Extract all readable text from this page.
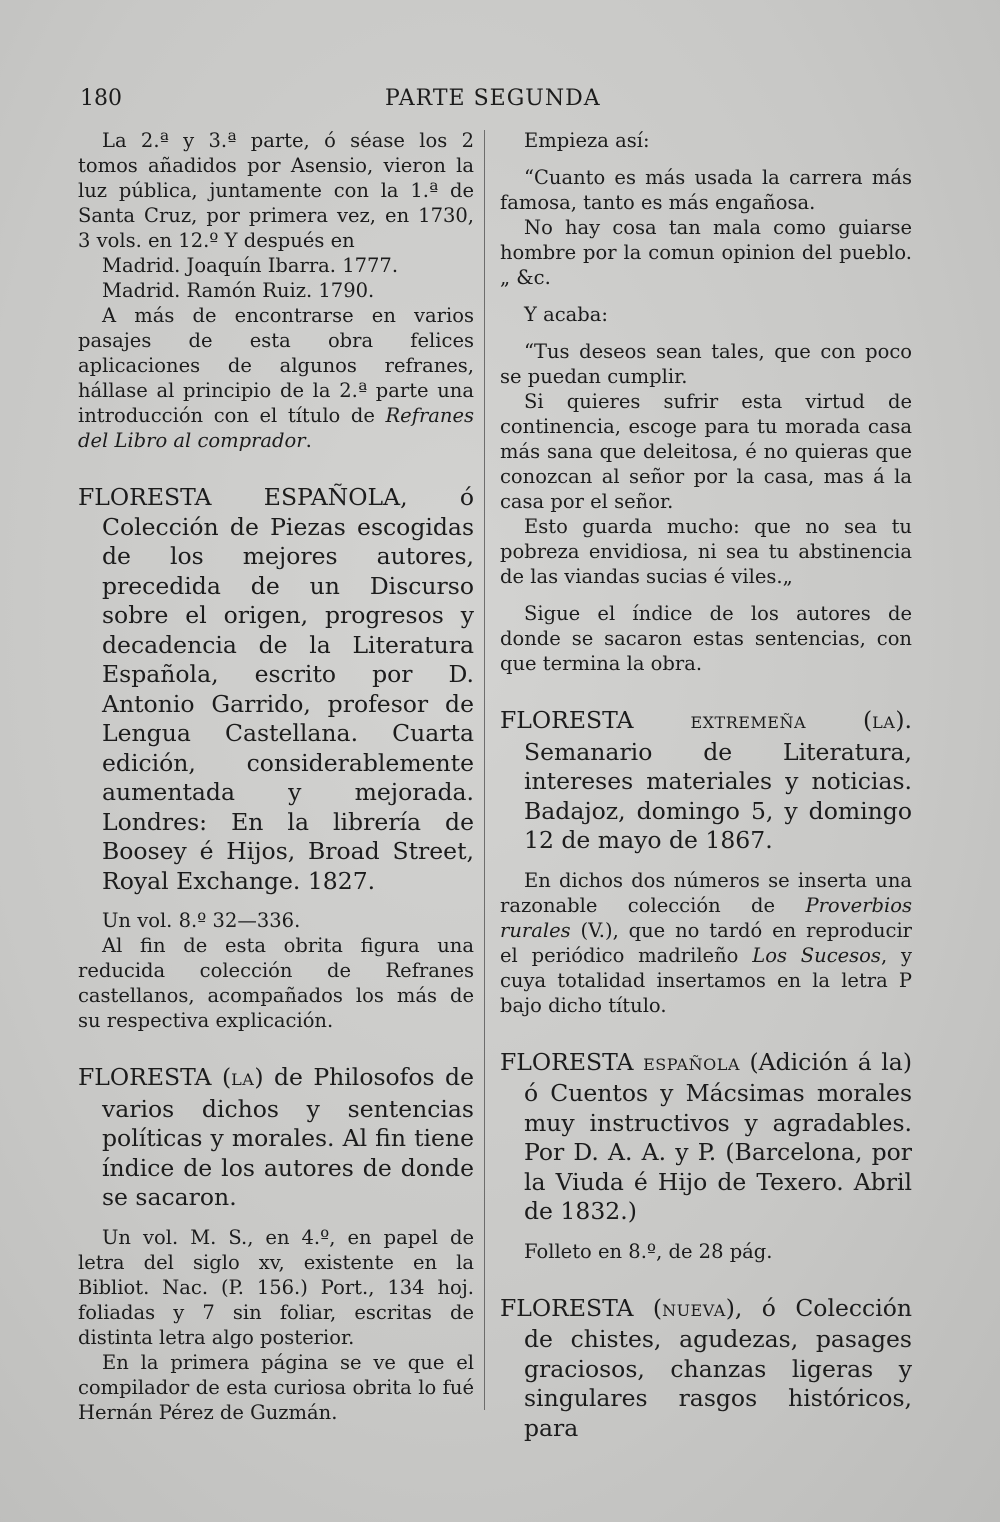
180	PARTE SEGUNDA

La 2.ª y 3.ª parte, ó séase los 2 tomos añadidos por Asensio, vieron la luz pública, juntamente con la 1.ª de Santa Cruz, por primera vez, en 1730, 3 vols. en 12.º Y después en

Madrid. Joaquín Ibarra. 1777.

Madrid. Ramón Ruiz. 1790.

A más de encontrarse en varios pasajes de esta obra felices aplicaciones de algunos refranes, hállase al principio de la 2.ª parte una introducción con el título de Refranes del Libro al comprador.

FLORESTA ESPAÑOLA, ó Colección de Piezas escogidas de los mejores autores, precedida de un Discurso sobre el origen, progresos y decadencia de la Literatura Española, escrito por D. Antonio Garrido, profesor de Lengua Castellana. Cuarta edición, considerablemente aumentada y mejorada. Londres: En la librería de Boosey é Hijos, Broad Street, Royal Exchange. 1827.

Un vol. 8.º 32—336.

Al fin de esta obrita figura una reducida colección de Refranes castellanos, acompañados los más de su respectiva explicación.

FLORESTA (LA) de Philosofos de varios dichos y sentencias políticas y morales. Al fin tiene índice de los autores de donde se sacaron.

Un vol. M. S., en 4.º, en papel de letra del siglo xv, existente en la Bibliot. Nac. (P. 156.) Port., 134 hoj. foliadas y 7 sin foliar, escritas de distinta letra algo posterior.

En la primera página se ve que el compilador de esta curiosa obrita lo fué Hernán Pérez de Guzmán.

Empieza así:

“Cuanto es más usada la carrera más famosa, tanto es más engañosa.

No hay cosa tan mala como guiarse hombre por la comun opinion del pueblo.„ &c.

Y acaba:

“Tus deseos sean tales, que con poco se puedan cumplir.

Si quieres sufrir esta virtud de continencia, escoge para tu morada casa más sana que deleitosa, é no quieras que conozcan al señor por la casa, mas á la casa por el señor.

Esto guarda mucho: que no sea tu pobreza envidiosa, ni sea tu abstinencia de las viandas sucias é viles.„

Sigue el índice de los autores de donde se sacaron estas sentencias, con que termina la obra.

FLORESTA EXTREMEÑA (LA). Semanario de Literatura, intereses materiales y noticias. Badajoz, domingo 5, y domingo 12 de mayo de 1867.

En dichos dos números se inserta una razonable colección de Proverbios rurales (V.), que no tardó en reproducir el periódico madrileño Los Sucesos, y cuya totalidad insertamos en la letra P bajo dicho título.

FLORESTA ESPAÑOLA (Adición á la) ó Cuentos y Mácsimas morales muy instructivos y agradables. Por D. A. A. y P. (Barcelona, por la Viuda é Hijo de Texero. Abril de 1832.)

Folleto en 8.º, de 28 pág.

FLORESTA (NUEVA), ó Colección de chistes, agudezas, pasages graciosos, chanzas ligeras y singulares rasgos históricos, para
